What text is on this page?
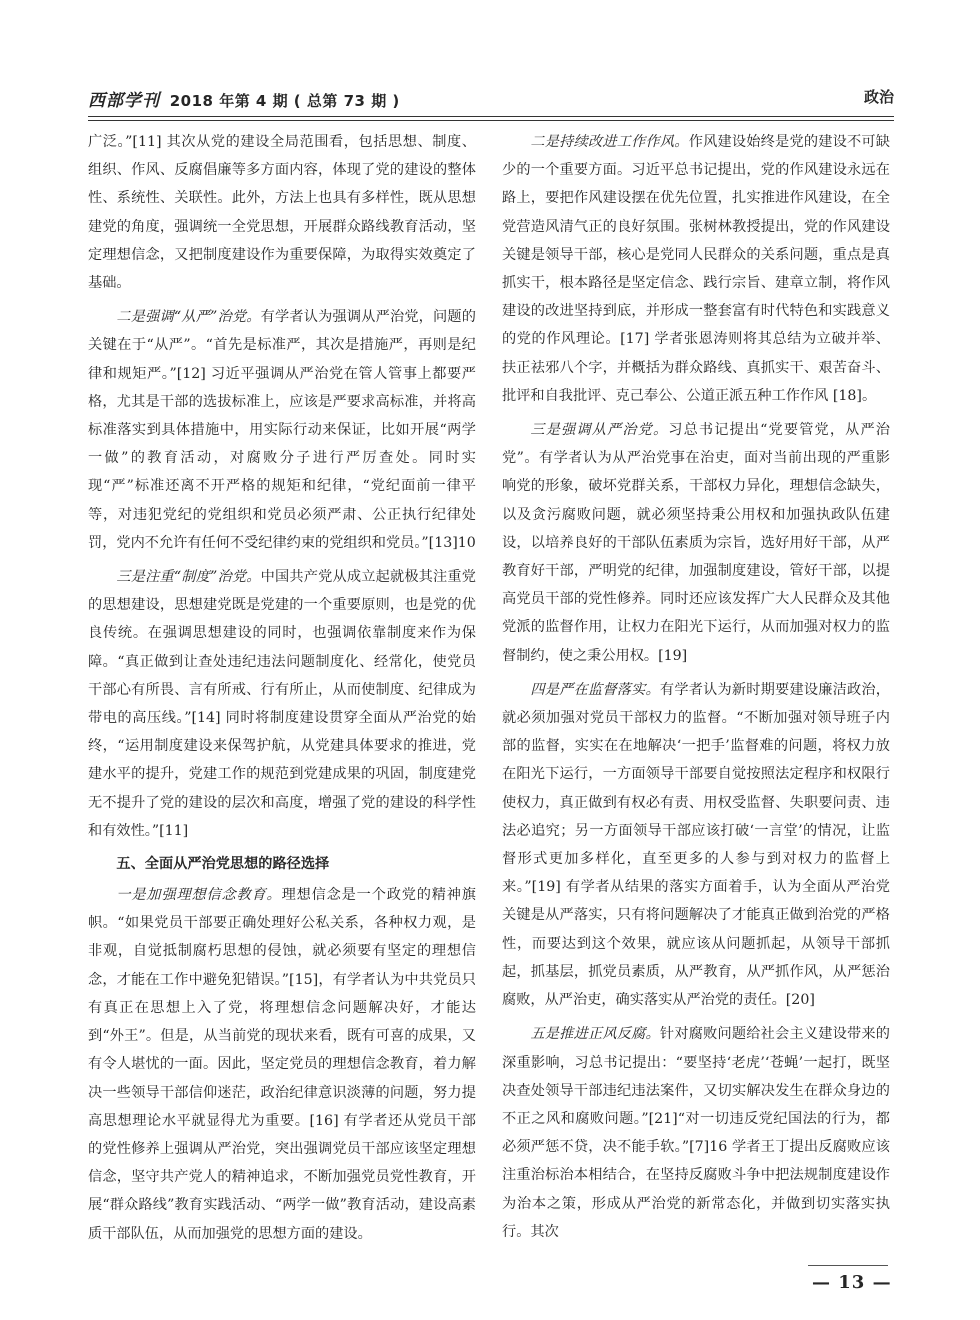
西部学刊 2018 年第 4 期 ( 总第 73 期 )	政治

广泛。”[11] 其次从党的建设全局范围看，包括思想、制度、组织、作风、反腐倡廉等多方面内容，体现了党的建设的整体性、系统性、关联性。此外，方法上也具有多样性，既从思想建党的角度，强调统一全党思想，开展群众路线教育活动，坚定理想信念，又把制度建设作为重要保障，为取得实效奠定了基础。

二是强调“从严”治党。有学者认为强调从严治党，问题的关键在于“从严”。“首先是标准严，其次是措施严，再则是纪律和规矩严。”[12] 习近平强调从严治党在管人管事上都要严格，尤其是干部的选拔标准上，应该是严要求高标准，并将高标准落实到具体措施中，用实际行动来保证，比如开展“两学一做”的教育活动，对腐败分子进行严厉查处。同时实现“严”标准还离不开严格的规矩和纪律，“党纪面前一律平等，对违犯党纪的党组织和党员必须严肃、公正执行纪律处罚，党内不允许有任何不受纪律约束的党组织和党员。”[13]10

三是注重“制度”治党。中国共产党从成立起就极其注重党的思想建设，思想建党既是党建的一个重要原则，也是党的优良传统。在强调思想建设的同时，也强调依靠制度来作为保障。“真正做到让查处违纪违法问题制度化、经常化，使党员干部心有所畏、言有所戒、行有所止，从而使制度、纪律成为带电的高压线。”[14] 同时将制度建设贯穿全面从严治党的始终，“运用制度建设来保驾护航，从党建具体要求的推进，党建水平的提升，党建工作的规范到党建成果的巩固，制度建党无不提升了党的建设的层次和高度，增强了党的建设的科学性和有效性。”[11]

五、全面从严治党思想的路径选择

一是加强理想信念教育。理想信念是一个政党的精神旗帜。“如果党员干部要正确处理好公私关系，各种权力观，是非观，自觉抵制腐朽思想的侵蚀，就必须要有坚定的理想信念，才能在工作中避免犯错误。”[15]，有学者认为中共党员只有真正在思想上入了党，将理想信念问题解决好，才能达到“外王”。但是，从当前党的现状来看，既有可喜的成果，又有令人堪忧的一面。因此，坚定党员的理想信念教育，着力解决一些领导干部信仰迷茫，政治纪律意识淡薄的问题，努力提高思想理论水平就显得尤为重要。[16] 有学者还从党员干部的党性修养上强调从严治党，突出强调党员干部应该坚定理想信念，坚守共产党人的精神追求，不断加强党员党性教育，开展“群众路线”教育实践活动、“两学一做”教育活动，建设高素质干部队伍，从而加强党的思想方面的建设。

二是持续改进工作作风。作风建设始终是党的建设不可缺少的一个重要方面。习近平总书记提出，党的作风建设永远在路上，要把作风建设摆在优先位置，扎实推进作风建设，在全党营造风清气正的良好氛围。张树林教授提出，党的作风建设关键是领导干部，核心是党同人民群众的关系问题，重点是真抓实干，根本路径是坚定信念、践行宗旨、建章立制，将作风建设的改进坚持到底，并形成一整套富有时代特色和实践意义的党的作风理论。[17] 学者张恩涛则将其总结为立破并举、扶正祛邪八个字，并概括为群众路线、真抓实干、艰苦奋斗、批评和自我批评、克己奉公、公道正派五种工作作风 [18]。

三是强调从严治党。习总书记提出“党要管党，从严治党”。有学者认为从严治党事在治吏，面对当前出现的严重影响党的形象，破坏党群关系，干部权力异化，理想信念缺失，以及贪污腐败问题，就必须坚持秉公用权和加强执政队伍建设，以培养良好的干部队伍素质为宗旨，选好用好干部，从严教育好干部，严明党的纪律，加强制度建设，管好干部，以提高党员干部的党性修养。同时还应该发挥广大人民群众及其他党派的监督作用，让权力在阳光下运行，从而加强对权力的监督制约，使之秉公用权。[19]

四是严在监督落实。有学者认为新时期要建设廉洁政治，就必须加强对党员干部权力的监督。“不断加强对领导班子内部的监督，实实在在地解决‘一把手’监督难的问题，将权力放在阳光下运行，一方面领导干部要自觉按照法定程序和权限行使权力，真正做到有权必有责、用权受监督、失职要问责、违法必追究；另一方面领导干部应该打破‘一言堂’的情况，让监督形式更加多样化，直至更多的人参与到对权力的监督上来。”[19] 有学者从结果的落实方面着手，认为全面从严治党关键是从严落实，只有将问题解决了才能真正做到治党的严格性，而要达到这个效果，就应该从问题抓起，从领导干部抓起，抓基层，抓党员素质，从严教育，从严抓作风，从严惩治腐败，从严治吏，确实落实从严治党的责任。[20]

五是推进正风反腐。针对腐败问题给社会主义建设带来的深重影响，习总书记提出：“要坚持‘老虎’‘苍蝇’一起打，既坚决查处领导干部违纪违法案件，又切实解决发生在群众身边的不正之风和腐败问题。”[21]“对一切违反党纪国法的行为，都必须严惩不贷，决不能手软。”[7]16 学者王丁提出反腐败应该注重治标治本相结合，在坚持反腐败斗争中把法规制度建设作为治本之策，形成从严治党的新常态化，并做到切实落实执行。其次

— 13 —
